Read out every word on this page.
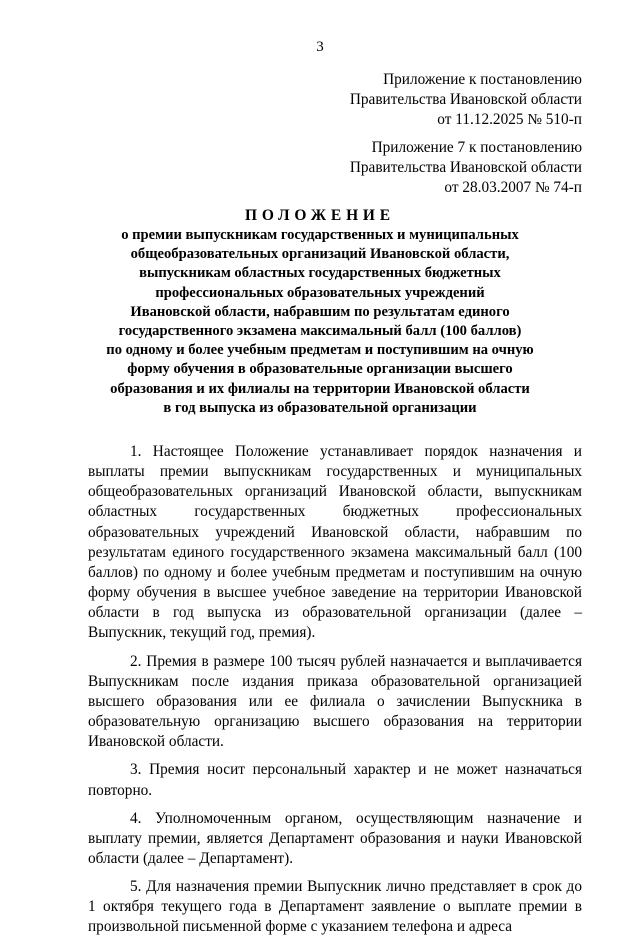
3
Приложение к постановлению
Правительства Ивановской области
от 11.12.2025 № 510-п
Приложение 7 к постановлению
Правительства Ивановской области
от 28.03.2007 № 74-п
ПОЛОЖЕНИЕ
о премии выпускникам государственных и муниципальных
общеобразовательных организаций Ивановской области,
выпускникам областных государственных бюджетных
профессиональных образовательных учреждений
Ивановской области, набравшим по результатам единого
государственного экзамена максимальный балл (100 баллов)
по одному и более учебным предметам и поступившим на очную
форму обучения в образовательные организации высшего
образования и их филиалы на территории Ивановской области
в год выпуска из образовательной организации

1. Настоящее Положение устанавливает порядок назначения и выплаты премии выпускникам государственных и муниципальных общеобразовательных организаций Ивановской области, выпускникам областных государственных бюджетных профессиональных образовательных учреждений Ивановской области, набравшим по результатам единого государственного экзамена максимальный балл (100 баллов) по одному и более учебным предметам и поступившим на очную форму обучения в высшее учебное заведение на территории Ивановской области в год выпуска из образовательной организации (далее – Выпускник, текущий год, премия).

2. Премия в размере 100 тысяч рублей назначается и выплачивается Выпускникам после издания приказа образовательной организацией высшего образования или ее филиала о зачислении Выпускника в образовательную организацию высшего образования на территории Ивановской области.

3. Премия носит персональный характер и не может назначаться повторно.

4. Уполномоченным органом, осуществляющим назначение и выплату премии, является Департамент образования и науки Ивановской области (далее – Департамент).

5. Для назначения премии Выпускник лично представляет в срок до 1 октября текущего года в Департамент заявление о выплате премии в произвольной письменной форме с указанием телефона и адреса
